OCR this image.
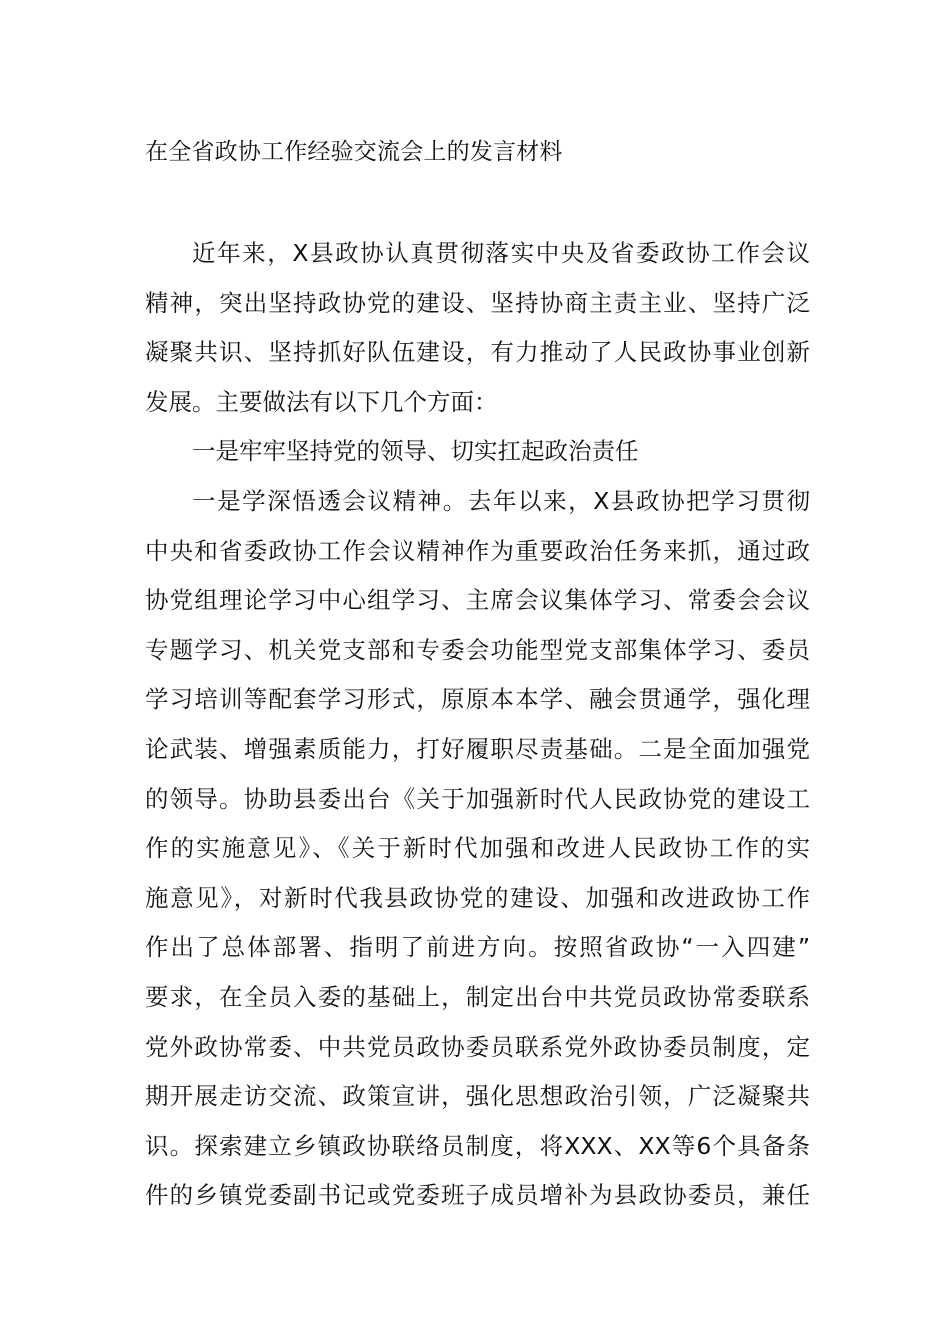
在全省政协工作经验交流会上的发言材料
近年来，X县政协认真贯彻落实中央及省委政协工作会议
精神，突出坚持政协党的建设、坚持协商主责主业、坚持广泛
凝聚共识、坚持抓好队伍建设，有力推动了人民政协事业创新
发展。主要做法有以下几个方面：
一是牢牢坚持党的领导、切实扛起政治责任
一是学深悟透会议精神。去年以来，X县政协把学习贯彻
中央和省委政协工作会议精神作为重要政治任务来抓，通过政
协党组理论学习中心组学习、主席会议集体学习、常委会会议
专题学习、机关党支部和专委会功能型党支部集体学习、委员
学习培训等配套学习形式，原原本本学、融会贯通学，强化理
论武装、增强素质能力，打好履职尽责基础。二是全面加强党
的领导。协助县委出台《关于加强新时代人民政协党的建设工
作的实施意见》、《关于新时代加强和改进人民政协工作的实
施意见》，对新时代我县政协党的建设、加强和改进政协工作
作出了总体部署、指明了前进方向。按照省政协“一入四建”
要求，在全员入委的基础上，制定出台中共党员政协常委联系
党外政协常委、中共党员政协委员联系党外政协委员制度，定
期开展走访交流、政策宣讲，强化思想政治引领，广泛凝聚共
识。探索建立乡镇政协联络员制度，将XXX、XX等6个具备条
件的乡镇党委副书记或党委班子成员增补为县政协委员，兼任
